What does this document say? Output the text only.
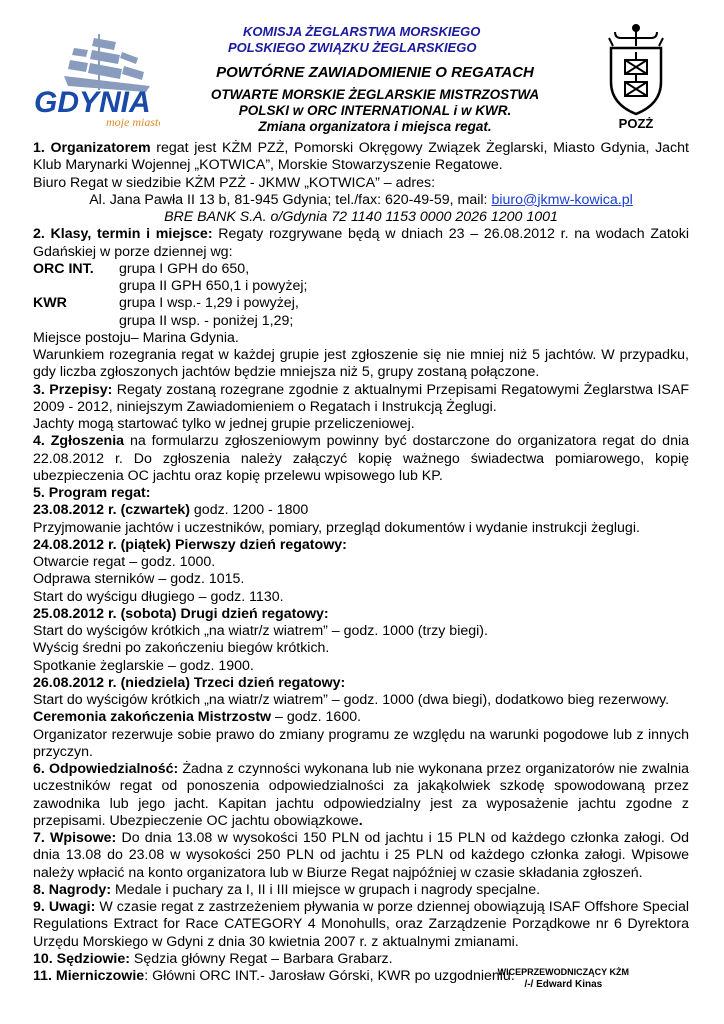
GDYNIA
moje miasto	POZŻ
KOMISJA ŻEGLARSTWA MORSKIEGO
POLSKIEGO ZWIĄZKU ŻEGLARSKIEGO
POWTÓRNE ZAWIADOMIENIE O REGATACH
OTWARTE MORSKIE ŻEGLARSKIE MISTRZOSTWA
POLSKI w ORC INTERNATIONAL i w KWR.
Zmiana organizatora i miejsca regat.

1. Organizatorem regat jest KŻM PZŻ, Pomorski Okręgowy Związek Żeglarski, Miasto Gdynia, Jacht Klub Marynarki Wojennej „KOTWICA”, Morskie Stowarzyszenie Regatowe.

Biuro Regat w siedzibie KŻM PZŻ - JKMW „KOTWICA” – adres:

Al. Jana Pawła II 13 b, 81-945 Gdynia; tel./fax: 620-49-59, mail: biuro@jkmw-kowica.pl

BRE BANK S.A. o/Gdynia 72 1140 1153 0000 2026 1200 1001

2. Klasy, termin i miejsce: Regaty rozgrywane będą w dniach 23 – 26.08.2012 r. na wodach Zatoki Gdańskiej w porze dziennej wg:

ORC INT.	grupa I GPH do 650,
grupa II GPH 650,1 i powyżej;
KWR	grupa I wsp.- 1,29 i powyżej,
grupa II wsp. - poniżej 1,29;

Miejsce postoju– Marina Gdynia.

Warunkiem rozegrania regat w każdej grupie jest zgłoszenie się nie mniej niż 5 jachtów. W przypadku, gdy liczba zgłoszonych jachtów będzie mniejsza niż 5, grupy zostaną połączone.

3. Przepisy: Regaty zostaną rozegrane zgodnie z aktualnymi Przepisami Regatowymi Żeglarstwa ISAF 2009 - 2012, niniejszym Zawiadomieniem o Regatach i Instrukcją Żeglugi.

Jachty mogą startować tylko w jednej grupie przeliczeniowej.

4. Zgłoszenia na formularzu zgłoszeniowym powinny być dostarczone do organizatora regat do dnia 22.08.2012 r. Do zgłoszenia należy załączyć kopię ważnego świadectwa pomiarowego, kopię ubezpieczenia OC jachtu oraz kopię przelewu wpisowego lub KP.

5. Program regat:

23.08.2012 r. (czwartek) godz. 1200 - 1800

Przyjmowanie jachtów i uczestników, pomiary, przegląd dokumentów i wydanie instrukcji żeglugi.

24.08.2012 r. (piątek) Pierwszy dzień regatowy:

Otwarcie regat – godz. 1000.

Odprawa sterników – godz. 1015.

Start do wyścigu długiego – godz. 1130.

25.08.2012 r. (sobota) Drugi dzień regatowy:

Start do wyścigów krótkich „na wiatr/z wiatrem” – godz. 1000 (trzy biegi).

Wyścig średni po zakończeniu biegów krótkich.

Spotkanie żeglarskie – godz. 1900.

26.08.2012 r. (niedziela) Trzeci dzień regatowy:

Start do wyścigów krótkich „na wiatr/z wiatrem” – godz. 1000 (dwa biegi), dodatkowo bieg rezerwowy.

Ceremonia zakończenia Mistrzostw – godz. 1600.

Organizator rezerwuje sobie prawo do zmiany programu ze względu na warunki pogodowe lub z innych przyczyn.

6. Odpowiedzialność: Żadna z czynności wykonana lub nie wykonana przez organizatorów nie zwalnia uczestników regat od ponoszenia odpowiedzialności za jakąkolwiek szkodę spowodowaną przez zawodnika lub jego jacht. Kapitan jachtu odpowiedzialny jest za wyposażenie jachtu zgodne z przepisami. Ubezpieczenie OC jachtu obowiązkowe.

7. Wpisowe: Do dnia 13.08 w wysokości 150 PLN od jachtu i 15 PLN od każdego członka załogi. Od dnia 13.08 do 23.08 w wysokości 250 PLN od jachtu i 25 PLN od każdego członka załogi. Wpisowe należy wpłacić na konto organizatora lub w Biurze Regat najpóźniej w czasie składania zgłoszeń.

8. Nagrody: Medale i puchary za I, II i III miejsce w grupach i nagrody specjalne.

9. Uwagi: W czasie regat z zastrzeżeniem pływania w porze dziennej obowiązują ISAF Offshore Special Regulations Extract for Race CATEGORY 4 Monohulls, oraz Zarządzenie Porządkowe nr 6 Dyrektora Urzędu Morskiego w Gdyni z dnia 30 kwietnia 2007 r. z aktualnymi zmianami.

10. Sędziowie: Sędzia główny Regat – Barbara Grabarz.

11. Mierniczowie: Główni ORC INT.- Jarosław Górski, KWR po uzgodnieniu.

WICEPRZEWODNICZĄCY KŻM
/-/ Edward Kinas
